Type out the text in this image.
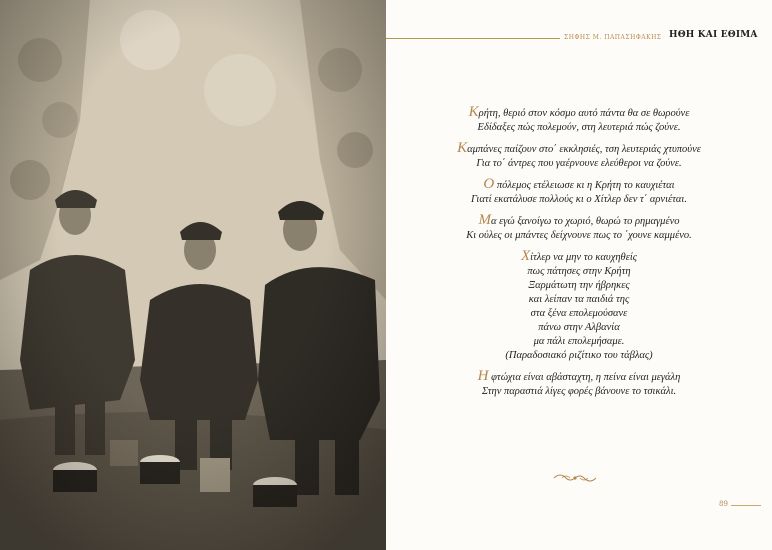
ΣΗΦΗΣ Μ. ΠΑΠΑΣΗΦΑΚΗΣ ΗΘΗ ΚΑΙ ΕΘΙΜΑ
Κρήτη, θεριό στον κόσμο αυτό πάντα θα σε θωρούνε
Εδίδαξες πώς πολεμούν, στη λευτεριά πώς ζούνε.
Καμπάνες παίζουν στο΄ εκκλησιές, τση λευτεριάς χτυπούνε
Για το΄ άντρες που γαέρνουνε ελεύθεροι να ζούνε.
Ο πόλεμος ετέλειωσε κι η Κρήτη το καυχιέται
Γιατί εκατάλυσε πολλούς κι ο Χίτλερ δεν τ΄ αρνιέται.
Μα εγώ ξανοίγω το χωριό, θωρώ το ρημαγμένο
Κι ούλες οι μπάντες δείχνουνε πως το ΄χουνε καμμένο.
Χίτλερ να μην το καυχηθείς
πως πάτησες στην Κρήτη
Ξαρμάτωτη την ήβρηκες
και λείπαν τα παιδιά της
στα ξένα επολεμούσανε
πάνω στην Αλβανία
μα πάλι επολεμήσαμε.
(Παραδοσιακό ριζίτικο του τάβλας)
Η φτώχια είναι αβάσταχτη, η πείνα είναι μεγάλη
Στην παραστιά λίγες φορές βάνουνε το τσικάλι.
89
